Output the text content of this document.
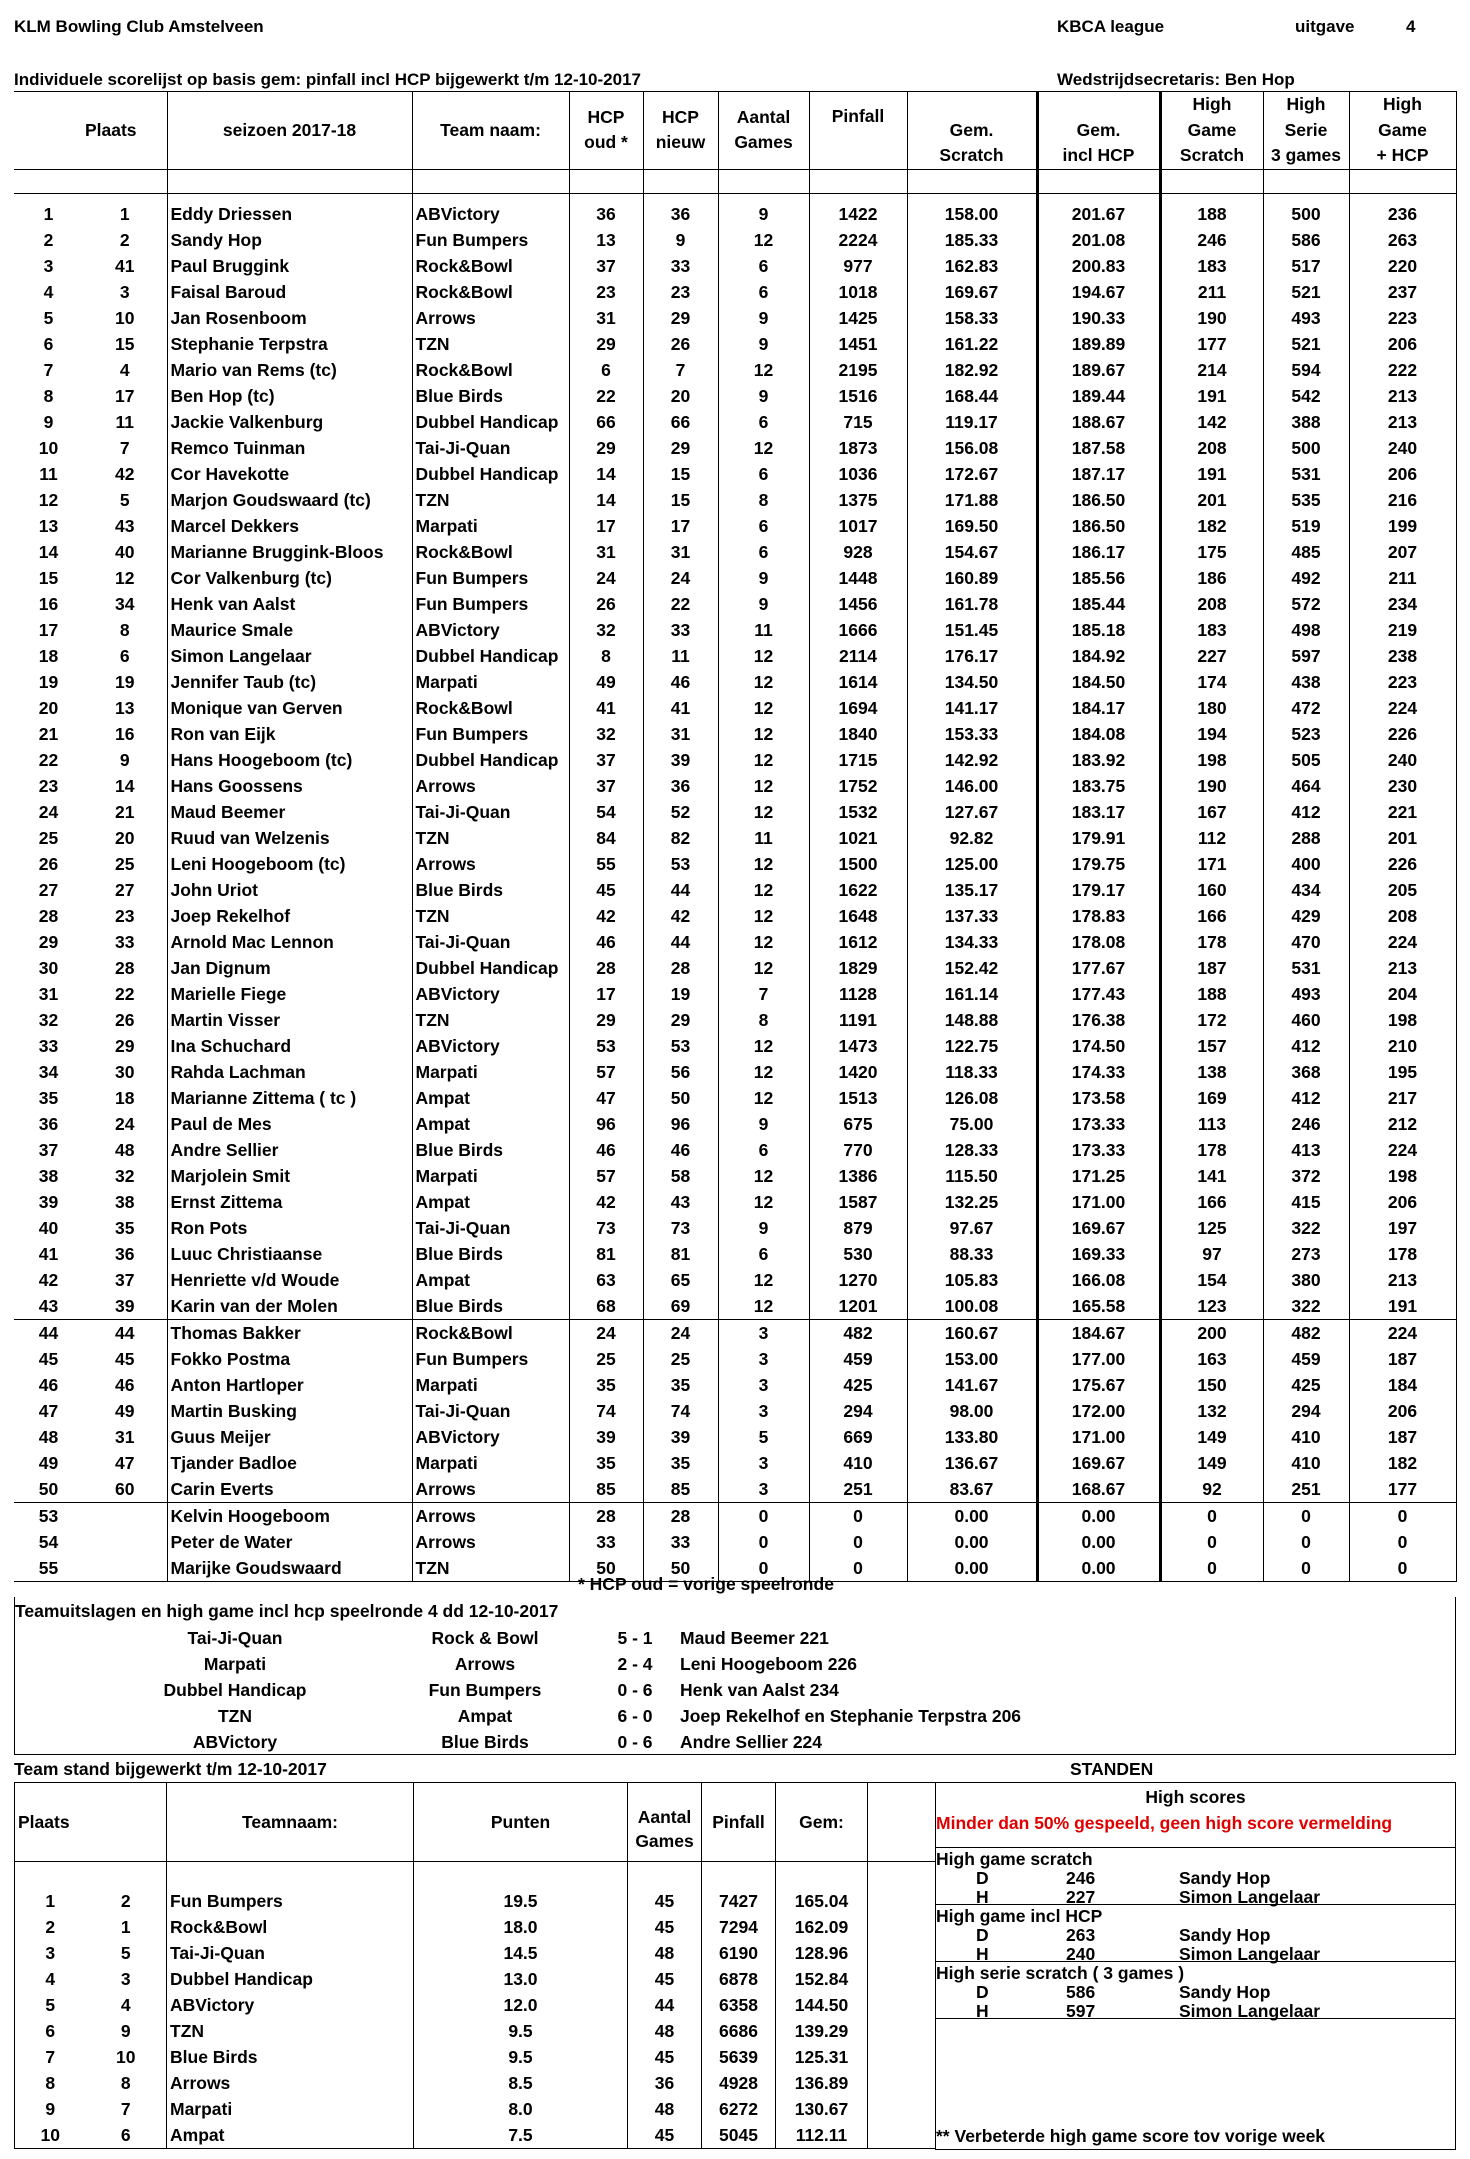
KLM Bowling Club Amstelveen	KBCA league	uitgave	4
Individuele scorelijst op basis gem: pinfall incl HCP bijgewerkt t/m 12-10-2017	Wedstrijdsecretaris: Ben Hop
Plaats		seizoen 2017-18	Team naam:	HCP
oud *	HCP
nieuw	Aantal
Games	Pinfall	Gem.
Scratch	Gem.
incl HCP	High
Game
Scratch	High
Serie
3 games	High
Game
+ HCP

1	1	Eddy Driessen	ABVictory	36	36	9	1422	158.00	201.67	188	500	236
2	2	Sandy Hop	Fun Bumpers	13	9	12	2224	185.33	201.08	246	586	263
3	41	Paul Bruggink	Rock&Bowl	37	33	6	977	162.83	200.83	183	517	220
4	3	Faisal Baroud	Rock&Bowl	23	23	6	1018	169.67	194.67	211	521	237
5	10	Jan Rosenboom	Arrows	31	29	9	1425	158.33	190.33	190	493	223
6	15	Stephanie Terpstra	TZN	29	26	9	1451	161.22	189.89	177	521	206
7	4	Mario van Rems (tc)	Rock&Bowl	6	7	12	2195	182.92	189.67	214	594	222
8	17	Ben Hop (tc)	Blue Birds	22	20	9	1516	168.44	189.44	191	542	213
9	11	Jackie Valkenburg	Dubbel Handicap	66	66	6	715	119.17	188.67	142	388	213
10	7	Remco Tuinman	Tai-Ji-Quan	29	29	12	1873	156.08	187.58	208	500	240
11	42	Cor Havekotte	Dubbel Handicap	14	15	6	1036	172.67	187.17	191	531	206
12	5	Marjon Goudswaard (tc)	TZN	14	15	8	1375	171.88	186.50	201	535	216
13	43	Marcel Dekkers	Marpati	17	17	6	1017	169.50	186.50	182	519	199
14	40	Marianne Bruggink-Bloos	Rock&Bowl	31	31	6	928	154.67	186.17	175	485	207
15	12	Cor Valkenburg (tc)	Fun Bumpers	24	24	9	1448	160.89	185.56	186	492	211
16	34	Henk van Aalst	Fun Bumpers	26	22	9	1456	161.78	185.44	208	572	234
17	8	Maurice Smale	ABVictory	32	33	11	1666	151.45	185.18	183	498	219
18	6	Simon Langelaar	Dubbel Handicap	8	11	12	2114	176.17	184.92	227	597	238
19	19	Jennifer Taub (tc)	Marpati	49	46	12	1614	134.50	184.50	174	438	223
20	13	Monique van Gerven	Rock&Bowl	41	41	12	1694	141.17	184.17	180	472	224
21	16	Ron van Eijk	Fun Bumpers	32	31	12	1840	153.33	184.08	194	523	226
22	9	Hans Hoogeboom (tc)	Dubbel Handicap	37	39	12	1715	142.92	183.92	198	505	240
23	14	Hans Goossens	Arrows	37	36	12	1752	146.00	183.75	190	464	230
24	21	Maud Beemer	Tai-Ji-Quan	54	52	12	1532	127.67	183.17	167	412	221
25	20	Ruud van Welzenis	TZN	84	82	11	1021	92.82	179.91	112	288	201
26	25	Leni Hoogeboom (tc)	Arrows	55	53	12	1500	125.00	179.75	171	400	226
27	27	John Uriot	Blue Birds	45	44	12	1622	135.17	179.17	160	434	205
28	23	Joep Rekelhof	TZN	42	42	12	1648	137.33	178.83	166	429	208
29	33	Arnold Mac Lennon	Tai-Ji-Quan	46	44	12	1612	134.33	178.08	178	470	224
30	28	Jan Dignum	Dubbel Handicap	28	28	12	1829	152.42	177.67	187	531	213
31	22	Marielle Fiege	ABVictory	17	19	7	1128	161.14	177.43	188	493	204
32	26	Martin Visser	TZN	29	29	8	1191	148.88	176.38	172	460	198
33	29	Ina Schuchard	ABVictory	53	53	12	1473	122.75	174.50	157	412	210
34	30	Rahda Lachman	Marpati	57	56	12	1420	118.33	174.33	138	368	195
35	18	Marianne Zittema ( tc )	Ampat	47	50	12	1513	126.08	173.58	169	412	217
36	24	Paul de Mes	Ampat	96	96	9	675	75.00	173.33	113	246	212
37	48	Andre Sellier	Blue Birds	46	46	6	770	128.33	173.33	178	413	224
38	32	Marjolein Smit	Marpati	57	58	12	1386	115.50	171.25	141	372	198
39	38	Ernst Zittema	Ampat	42	43	12	1587	132.25	171.00	166	415	206
40	35	Ron Pots	Tai-Ji-Quan	73	73	9	879	97.67	169.67	125	322	197
41	36	Luuc Christiaanse	Blue Birds	81	81	6	530	88.33	169.33	97	273	178
42	37	Henriette v/d Woude	Ampat	63	65	12	1270	105.83	166.08	154	380	213
43	39	Karin van der Molen	Blue Birds	68	69	12	1201	100.08	165.58	123	322	191
44	44	Thomas Bakker	Rock&Bowl	24	24	3	482	160.67	184.67	200	482	224
45	45	Fokko Postma	Fun Bumpers	25	25	3	459	153.00	177.00	163	459	187
46	46	Anton Hartloper	Marpati	35	35	3	425	141.67	175.67	150	425	184
47	49	Martin Busking	Tai-Ji-Quan	74	74	3	294	98.00	172.00	132	294	206
48	31	Guus Meijer	ABVictory	39	39	5	669	133.80	171.00	149	410	187
49	47	Tjander Badloe	Marpati	35	35	3	410	136.67	169.67	149	410	182
50	60	Carin Everts	Arrows	85	85	3	251	83.67	168.67	92	251	177
53		Kelvin Hoogeboom	Arrows	28	28	0	0	0.00	0.00	0	0	0
54		Peter de Water	Arrows	33	33	0	0	0.00	0.00	0	0	0
55		Marijke Goudswaard	TZN	50	50	0	0	0.00	0.00	0	0	0
* HCP oud = vorige speelronde
Teamuitslagen en high game incl hcp speelronde 4 dd 12-10-2017
Tai-Ji-Quan	Rock & Bowl	5 - 1 Maud Beemer 221
Marpati	Arrows	2 - 4 Leni Hoogeboom 226
Dubbel Handicap	Fun Bumpers	0 - 6 Henk van Aalst 234
TZN	Ampat	6 - 0 Joep Rekelhof en Stephanie Terpstra 206
ABVictory	Blue Birds	0 - 6 Andre Sellier 224
Team stand bijgewerkt t/m 12-10-2017	STANDEN
Plaats		Teamnaam:	Punten	Aantal
Games	Pinfall	Gem:	

1	2	Fun Bumpers	19.5	45	7427	165.04	
2	1	Rock&Bowl	18.0	45	7294	162.09	
3	5	Tai-Ji-Quan	14.5	48	6190	128.96	
4	3	Dubbel Handicap	13.0	45	6878	152.84	
5	4	ABVictory	12.0	44	6358	144.50	
6	9	TZN	9.5	48	6686	139.29	
7	10	Blue Birds	9.5	45	5639	125.31	
8	8	Arrows	8.5	36	4928	136.89	
9	7	Marpati	8.0	48	6272	130.67	
10	6	Ampat	7.5	45	5045	112.11	
High scores
Minder dan 50% gespeeld, geen high score vermelding
High game scratch
D	246	Sandy Hop
H	227	Simon Langelaar
High game incl HCP
D	263	Sandy Hop
H	240	Simon Langelaar
High serie scratch ( 3 games )
D	586	Sandy Hop
H	597	Simon Langelaar
** Verbeterde high game score tov vorige week
